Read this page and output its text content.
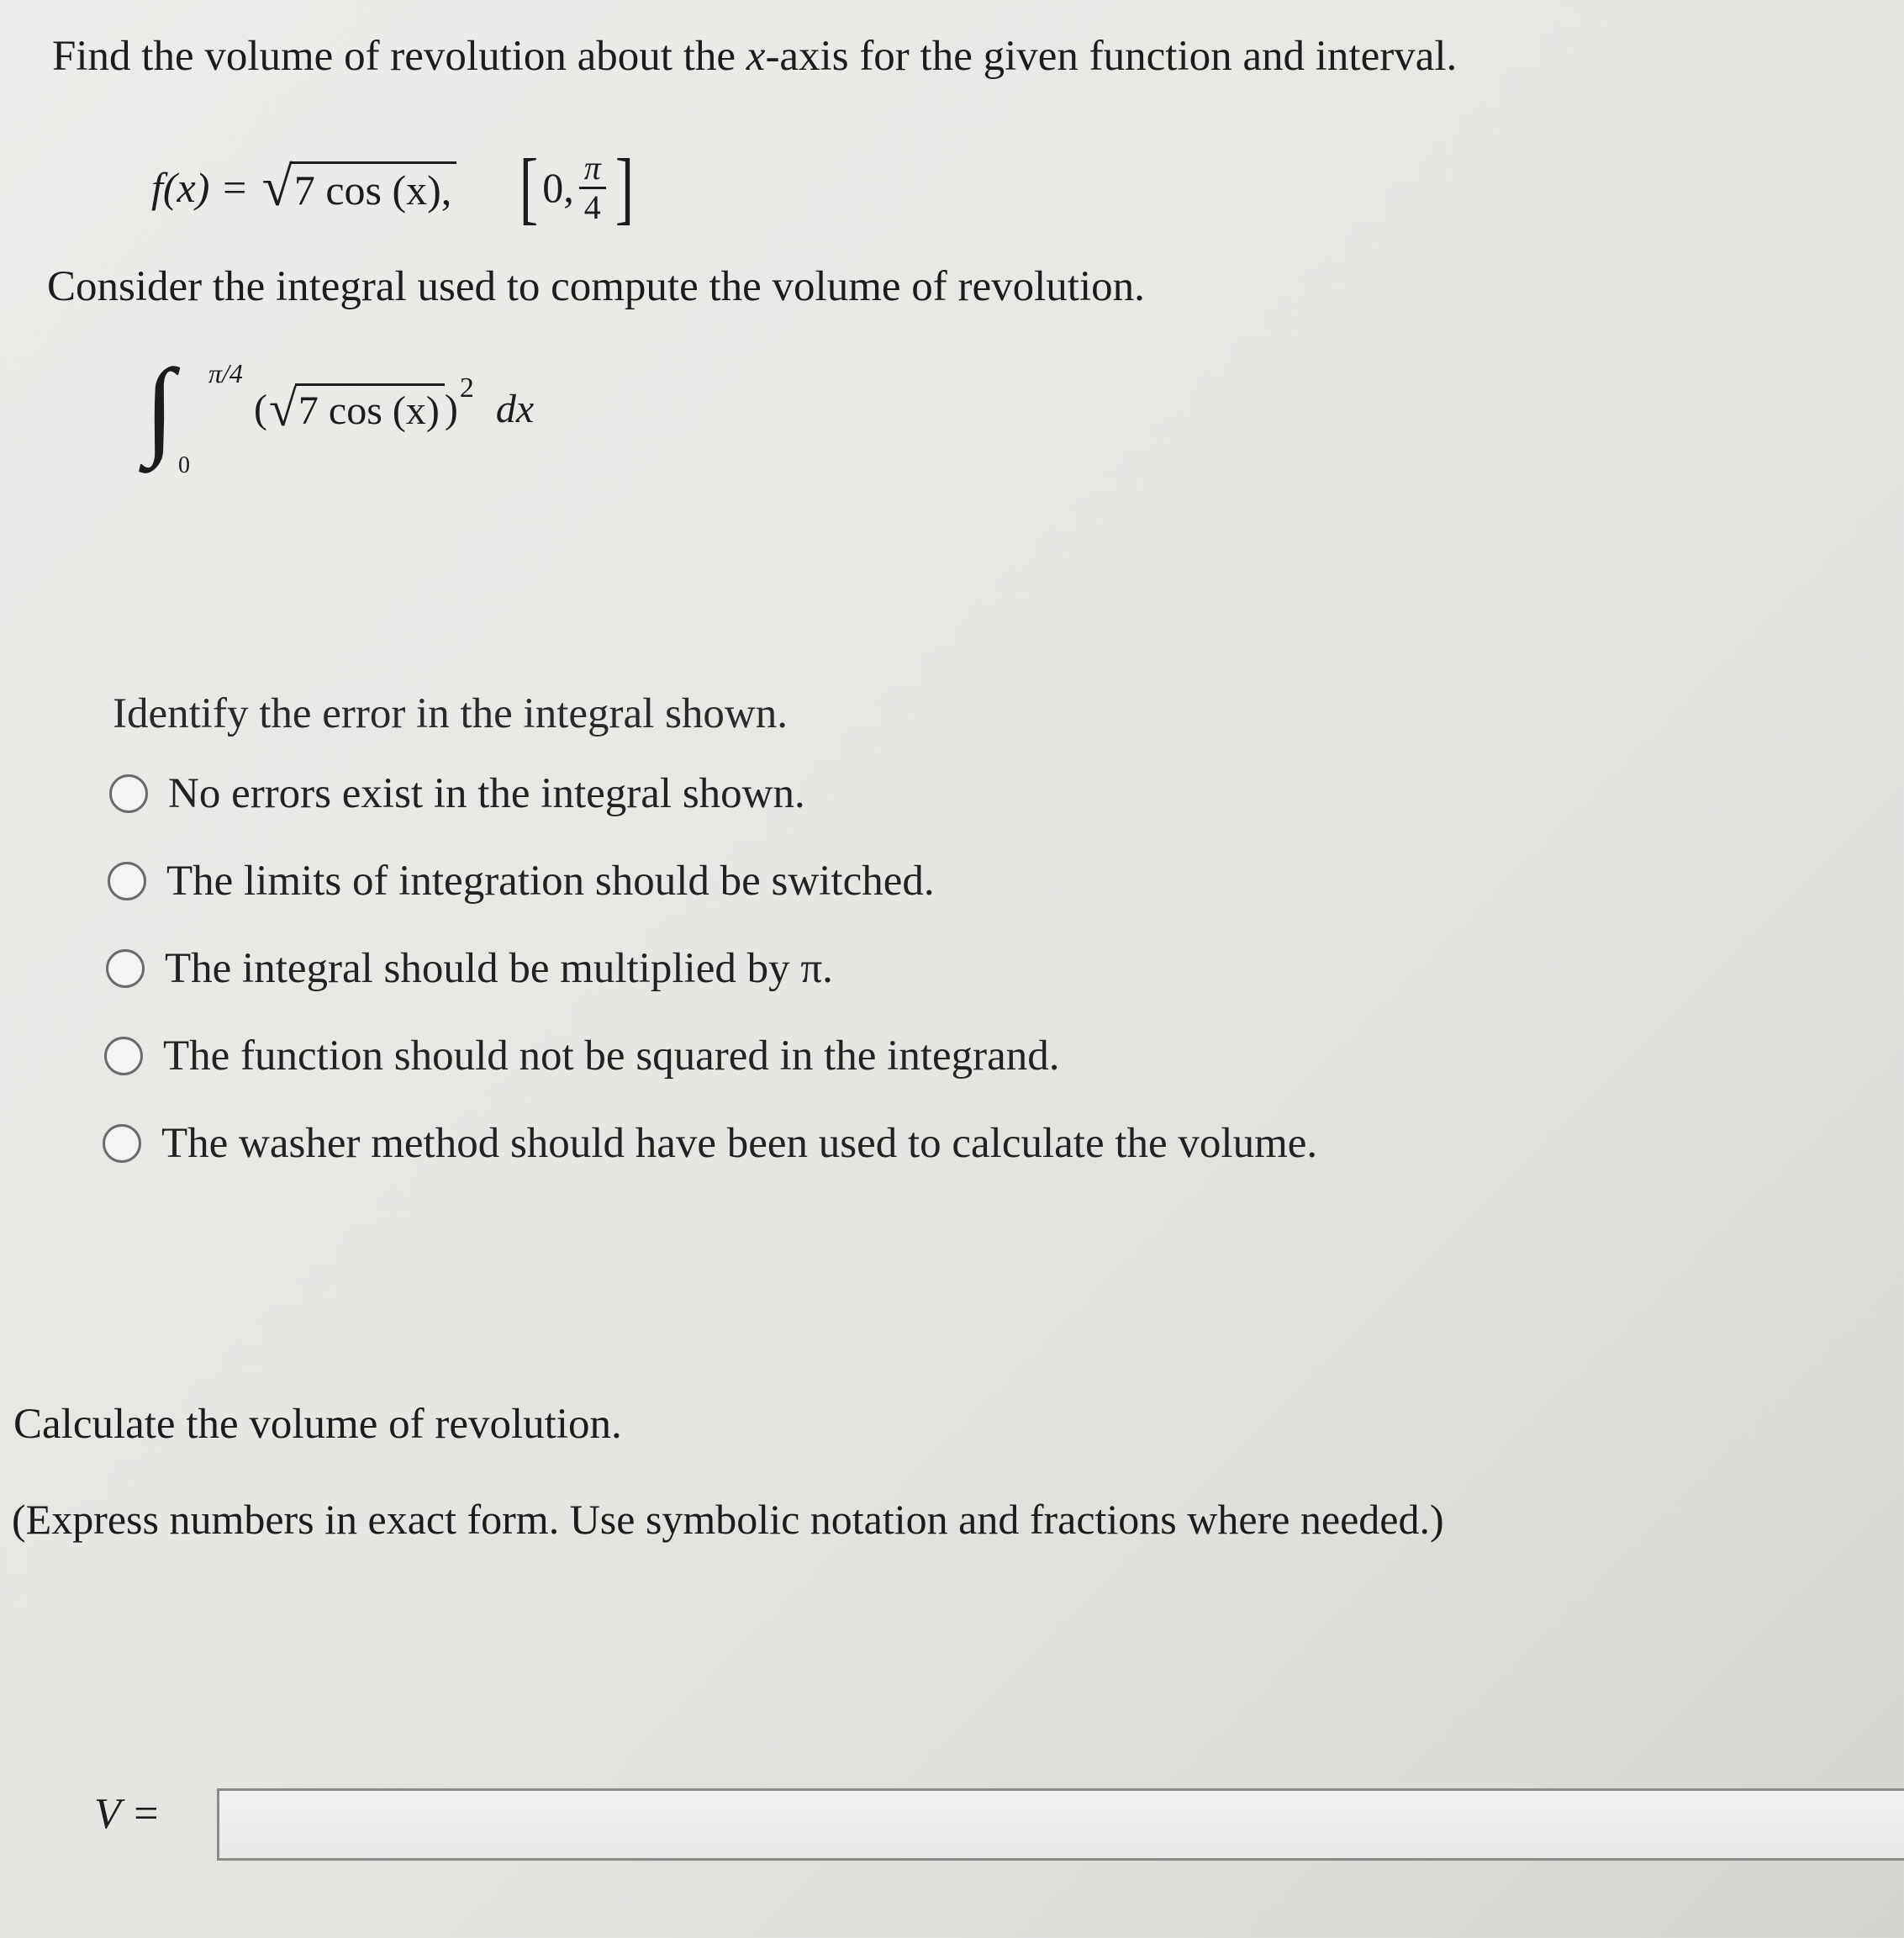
Find the volume of revolution about the x-axis for the given function and interval.
f(x) = √ 7 cos (x), [ 0, $\frac{\pi}{4}$ ]
Consider the integral used to compute the volume of revolution.
∫ π/4
0
( √ 7 cos (x) ) 2 dx
Identify the error in the integral shown.
No errors exist in the integral shown.
The limits of integration should be switched.
The integral should be multiplied by π.
The function should not be squared in the integrand.
The washer method should have been used to calculate the volume.
Calculate the volume of revolution.
(Express numbers in exact form. Use symbolic notation and fractions where needed.)
V =
